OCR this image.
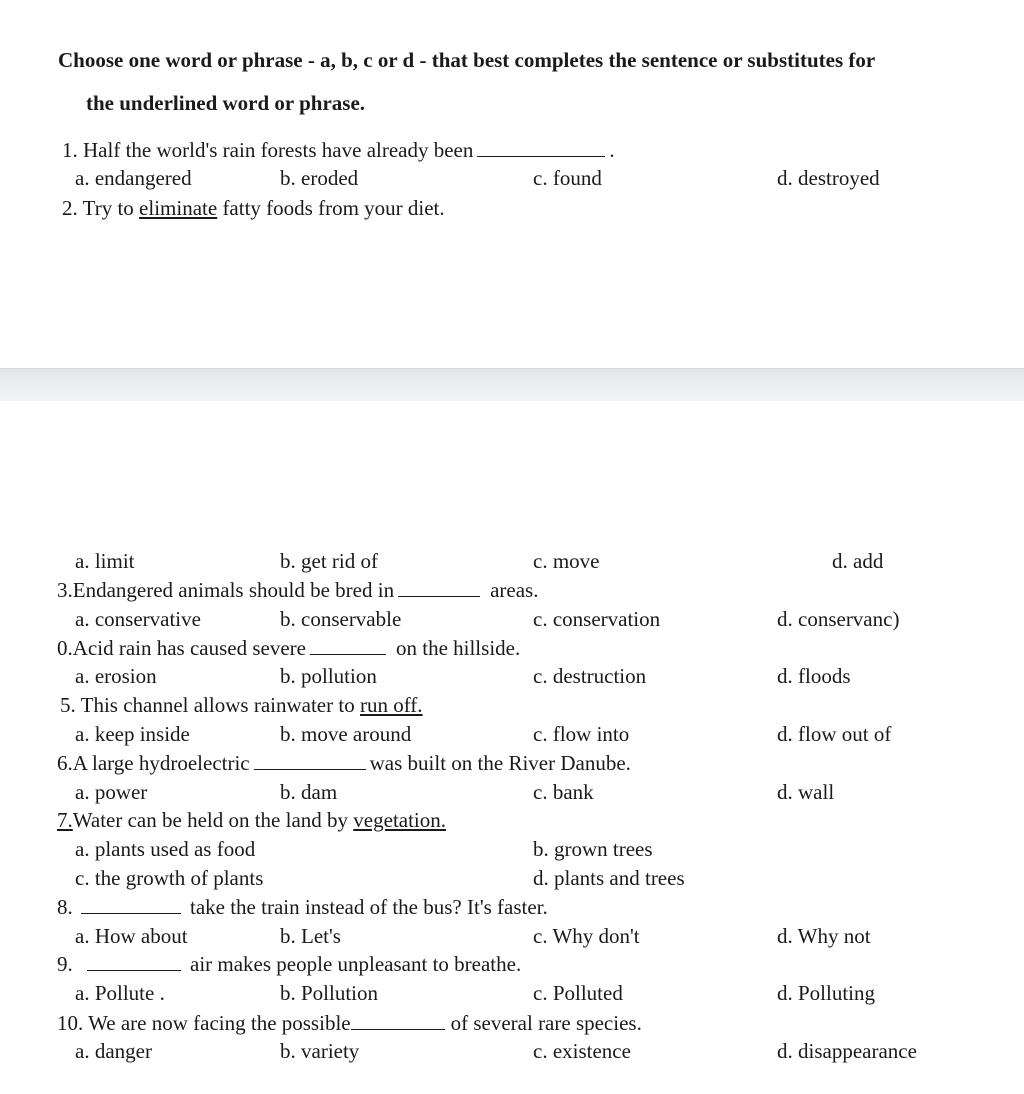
Choose one word or phrase - a, b, c or d - that best completes the sentence or substitutes for
the underlined word or phrase.
1. Half the world's rain forests have already been	.
a. endangered	b. eroded	c. found	d. destroyed
2. Try to eliminate fatty foods from your diet.
a. limit	b. get rid of	c. move	d. add
3.Endangered animals should be bred in	areas.
a. conservative	b. conservable	c. conservation	d. conservanc)
0.Acid rain has caused severe	on the hillside.
a. erosion	b. pollution	c. destruction	d. floods
5. This channel allows rainwater to run off.
a. keep inside	b. move around	c. flow into	d. flow out of
6.A large hydroelectric	was built on the River Danube.
a. power	b. dam	c. bank	d. wall
7.Water can be held on the land by vegetation.
a. plants used as food	b. grown trees
c. the growth of plants	d. plants and trees
8.	take the train instead of the bus? It's faster.
a. How about	b. Let's	c. Why don't	d. Why not
9.	air makes people unpleasant to breathe.
a. Pollute .	b. Pollution	c. Polluted	d. Polluting
10. We are now facing the possible	of several rare species.
a. danger	b. variety	c. existence	d. disappearance
